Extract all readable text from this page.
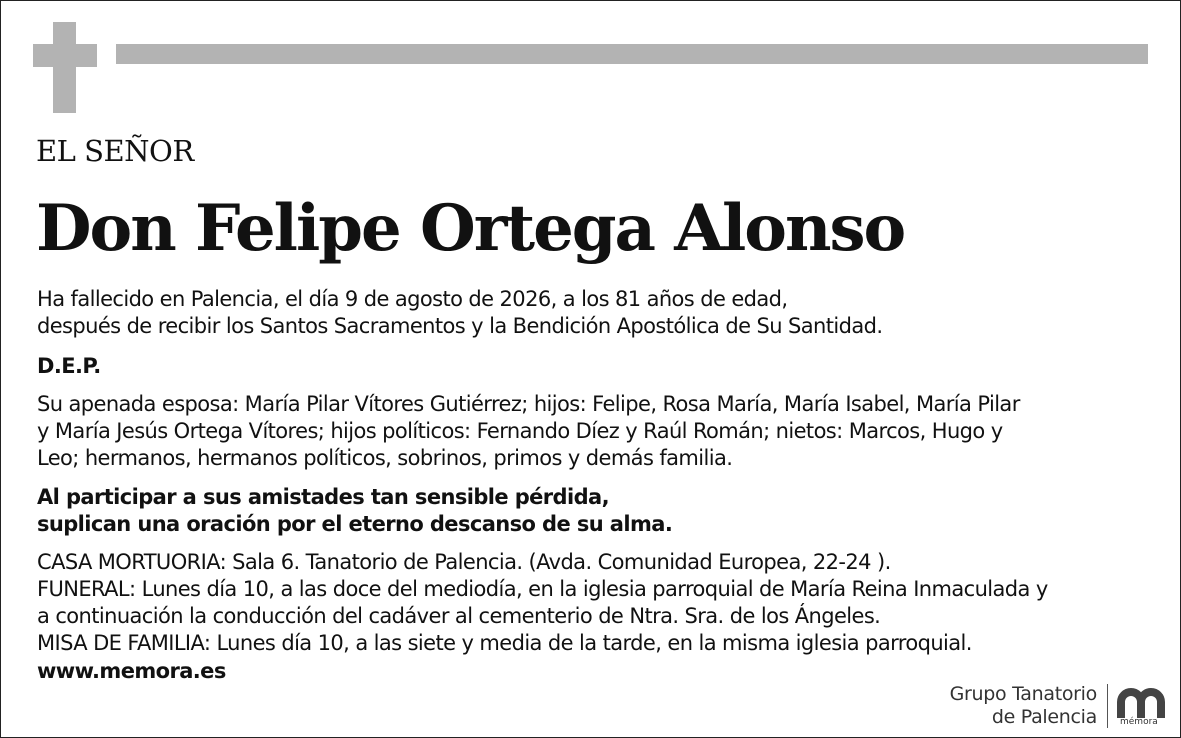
EL SEÑOR
Don Felipe Ortega Alonso
Ha fallecido en Palencia, el día 9 de agosto de 2026, a los 81 años de edad,
después de recibir los Santos Sacramentos y la Bendición Apostólica de Su Santidad.
D.E.P.
Su apenada esposa: María Pilar Vítores Gutiérrez; hijos: Felipe, Rosa María, María Isabel, María Pilar
y María Jesús Ortega Vítores; hijos políticos: Fernando Díez y Raúl Román; nietos: Marcos, Hugo y
Leo; hermanos, hermanos políticos, sobrinos, primos y demás familia.
Al participar a sus amistades tan sensible pérdida,
suplican una oración por el eterno descanso de su alma.
CASA MORTUORIA: Sala 6. Tanatorio de Palencia. (Avda. Comunidad Europea, 22-24 ).
FUNERAL: Lunes día 10, a las doce del mediodía, en la iglesia parroquial de María Reina Inmaculada y
a continuación la conducción del cadáver al cementerio de Ntra. Sra. de los Ángeles.
MISA DE FAMILIA: Lunes día 10, a las siete y media de la tarde, en la misma iglesia parroquial.
www.memora.es
Grupo Tanatorio
de Palencia	mémora
